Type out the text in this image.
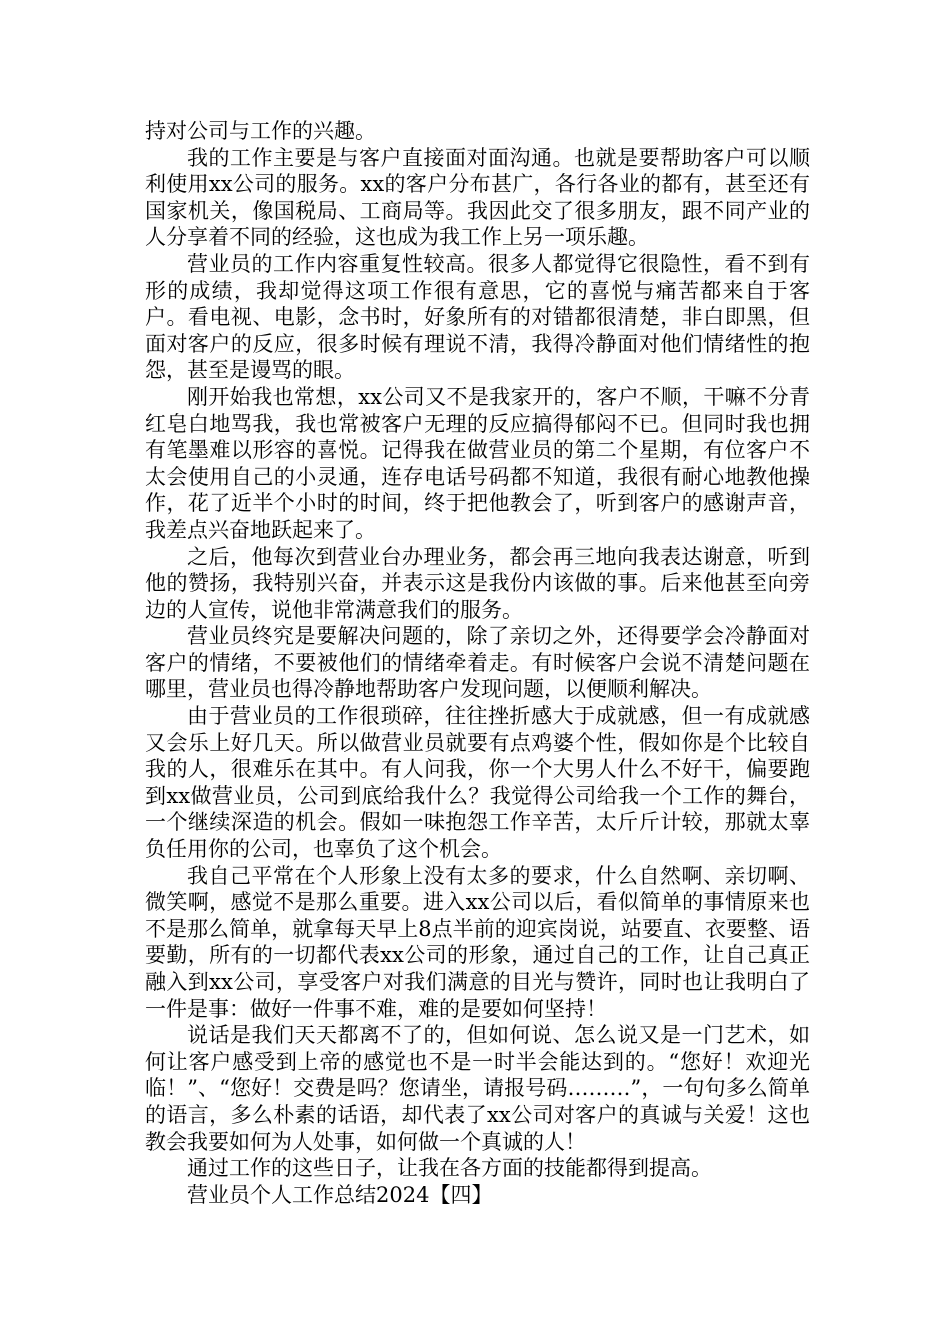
持对公司与工作的兴趣。

我的工作主要是与客户直接面对面沟通。也就是要帮助客户可以顺利使用xx公司的服务。xx的客户分布甚广，各行各业的都有，甚至还有国家机关，像国税局、工商局等。我因此交了很多朋友，跟不同产业的人分享着不同的经验，这也成为我工作上另一项乐趣。

营业员的工作内容重复性较高。很多人都觉得它很隐性，看不到有形的成绩，我却觉得这项工作很有意思，它的喜悦与痛苦都来自于客户。看电视、电影，念书时，好象所有的对错都很清楚，非白即黑，但面对客户的反应，很多时候有理说不清，我得冷静面对他们情绪性的抱怨，甚至是谩骂的眼。

刚开始我也常想，xx公司又不是我家开的，客户不顺，干嘛不分青红皂白地骂我，我也常被客户无理的反应搞得郁闷不已。但同时我也拥有笔墨难以形容的喜悦。记得我在做营业员的第二个星期，有位客户不太会使用自己的小灵通，连存电话号码都不知道，我很有耐心地教他操作，花了近半个小时的时间，终于把他教会了，听到客户的感谢声音，我差点兴奋地跃起来了。

之后，他每次到营业台办理业务，都会再三地向我表达谢意，听到他的赞扬，我特别兴奋，并表示这是我份内该做的事。后来他甚至向旁边的人宣传，说他非常满意我们的服务。

营业员终究是要解决问题的，除了亲切之外，还得要学会冷静面对客户的情绪，不要被他们的情绪牵着走。有时候客户会说不清楚问题在哪里，营业员也得冷静地帮助客户发现问题，以便顺利解决。

由于营业员的工作很琐碎，往往挫折感大于成就感，但一有成就感又会乐上好几天。所以做营业员就要有点鸡婆个性，假如你是个比较自我的人，很难乐在其中。有人问我，你一个大男人什么不好干，偏要跑到xx做营业员，公司到底给我什么？我觉得公司给我一个工作的舞台，一个继续深造的机会。假如一味抱怨工作辛苦，太斤斤计较，那就太辜负任用你的公司，也辜负了这个机会。

我自己平常在个人形象上没有太多的要求，什么自然啊、亲切啊、微笑啊，感觉不是那么重要。进入xx公司以后，看似简单的事情原来也不是那么简单，就拿每天早上8点半前的迎宾岗说，站要直、衣要整、语要勤，所有的一切都代表xx公司的形象，通过自己的工作，让自己真正融入到xx公司，享受客户对我们满意的目光与赞许，同时也让我明白了一件是事：做好一件事不难，难的是要如何坚持！

说话是我们天天都离不了的，但如何说、怎么说又是一门艺术，如何让客户感受到上帝的感觉也不是一时半会能达到的。“您好！欢迎光临！”、“您好！交费是吗？您请坐，请报号码………”，一句句多么简单的语言，多么朴素的话语，却代表了xx公司对客户的真诚与关爱！这也教会我要如何为人处事，如何做一个真诚的人！

通过工作的这些日子，让我在各方面的技能都得到提高。

营业员个人工作总结2024【四】
